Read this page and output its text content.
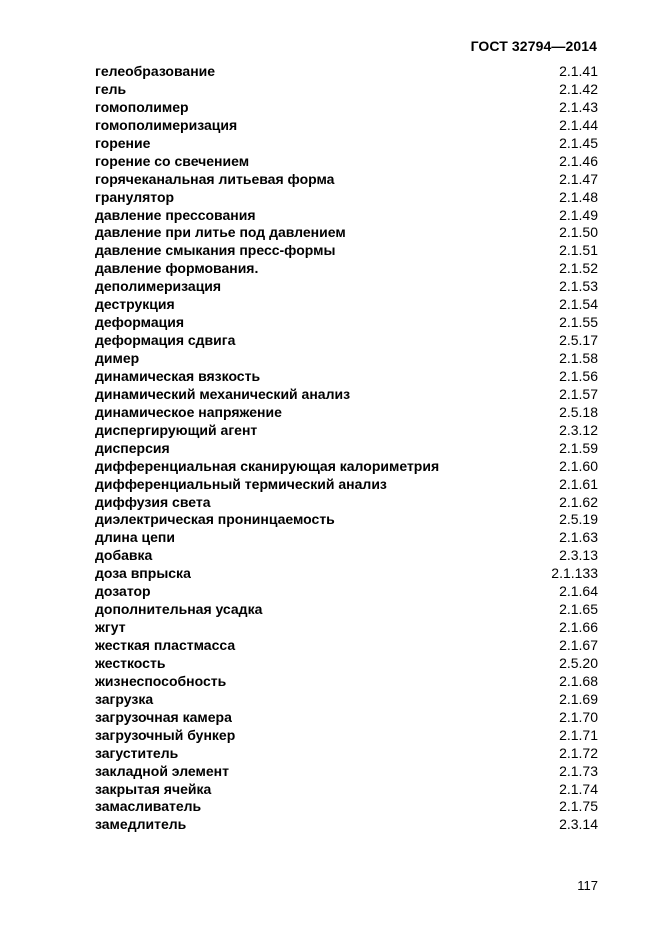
ГОСТ 32794—2014
гелеобразование	2.1.41
гель	2.1.42
гомополимер	2.1.43
гомополимеризация	2.1.44
горение	2.1.45
горение со свечением	2.1.46
горячеканальная литьевая форма	2.1.47
гранулятор	2.1.48
давление прессования	2.1.49
давление при литье под давлением	2.1.50
давление смыкания пресс-формы	2.1.51
давление формования.	2.1.52
деполимеризация	2.1.53
деструкция	2.1.54
деформация	2.1.55
деформация сдвига	2.5.17
димер	2.1.58
динамическая вязкость	2.1.56
динамический механический анализ	2.1.57
динамическое напряжение	2.5.18
диспергирующий агент	2.3.12
дисперсия	2.1.59
дифференциальная сканирующая калориметрия	2.1.60
дифференциальный термический анализ	2.1.61
диффузия света	2.1.62
диэлектрическая пронинцаемость	2.5.19
длина цепи	2.1.63
добавка	2.3.13
доза впрыска	2.1.133
дозатор	2.1.64
дополнительная усадка	2.1.65
жгут	2.1.66
жесткая пластмасса	2.1.67
жесткость	2.5.20
жизнеспособность	2.1.68
загрузка	2.1.69
загрузочная камера	2.1.70
загрузочный бункер	2.1.71
загуститель	2.1.72
закладной элемент	2.1.73
закрытая ячейка	2.1.74
замасливатель	2.1.75
замедлитель	2.3.14
117
